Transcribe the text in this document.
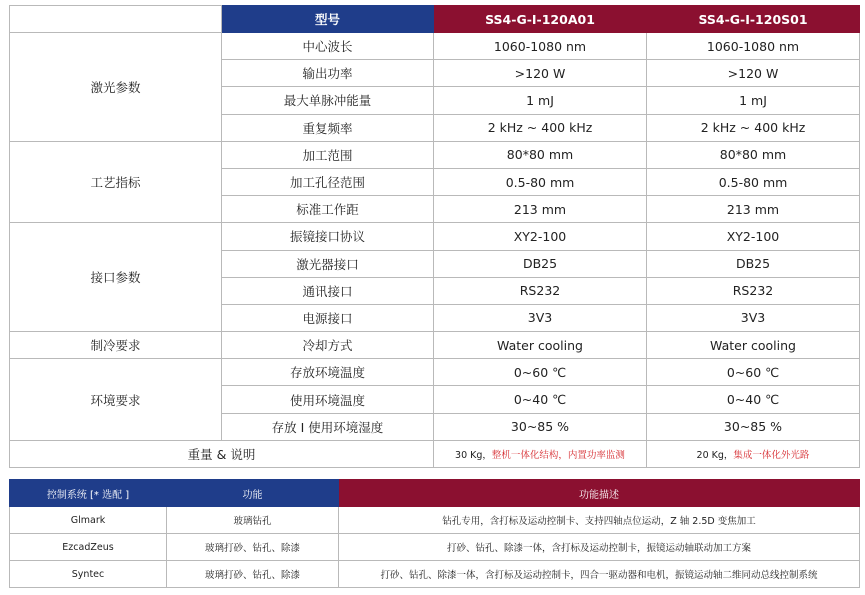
	型号	SS4-G-I-120A01	SS4-G-I-120S01
激光参数	中心波长	1060-1080 nm	1060-1080 nm
	输出功率	>120 W	>120 W
	最大单脉冲能量	1 mJ	1 mJ
	重复频率	2 kHz ~ 400 kHz	2 kHz ~ 400 kHz
工艺指标	加工范围	80*80 mm	80*80 mm
	加工孔径范围	0.5-80 mm	0.5-80 mm
	标准工作距	213 mm	213 mm
接口参数	振镜接口协议	XY2-100	XY2-100
	激光器接口	DB25	DB25
	通讯接口	RS232	RS232
	电源接口	3V3	3V3
制冷要求	冷却方式	Water cooling	Water cooling
环境要求	存放环境温度	0~60 ℃	0~60 ℃
	使用环境温度	0~40 ℃	0~40 ℃
	存放 I 使用环境湿度	30~85 %	30~85 %
重量 & 说明		30 Kg，整机一体化结构，内置功率监测	20 Kg，集成一体化外光路
控制系统 [* 选配 ]	功能	功能描述
Glmark	玻璃钻孔	钻孔专用，含打标及运动控制卡、支持四轴点位运动，Z 轴 2.5D 变焦加工
EzcadZeus	玻璃打砂、钻孔、除漆	打砂、钻孔、除漆一体，含打标及运动控制卡，振镜运动轴联动加工方案
Syntec	玻璃打砂、钻孔、除漆	打砂、钻孔、除漆一体，含打标及运动控制卡，四合一驱动器和电机，振镜运动轴二维同动总线控制系统
